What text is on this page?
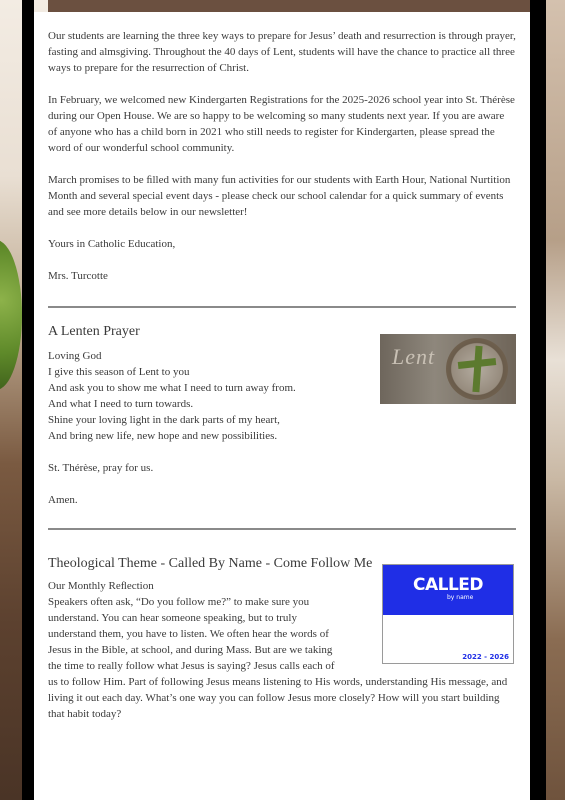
Our students are learning the three key ways to prepare for Jesus’ death and resurrection is through prayer, fasting and almsgiving. Throughout the 40 days of Lent, students will have the chance to practice all three ways to prepare for the resurrection of Christ.

In February, we welcomed new Kindergarten Registrations for the 2025-2026 school year into St. Thérèse during our Open House. We are so happy to be welcoming so many students next year. If you are aware of anyone who has a child born in 2021 who still needs to register for Kindergarten, please spread the word of our wonderful school community.

March promises to be ﬁlled with many fun activities for our students with Earth Hour, National Nurtition Month and several special event days - please check our school calendar for a quick summary of events and see more details below in our newsletter!

Yours in Catholic Education,

Mrs. Turcotte

A Lenten Prayer
Lent
Loving God
I give this season of Lent to you
And ask you to show me what I need to turn away from.
And what I need to turn towards.
Shine your loving light in the dark parts of my heart,
And bring new life, new hope and new possibilities.
St. Thérèse, pray for us.
Amen.
Theological Theme - Called By Name - Come Follow Me
CALLED
by name
2022 - 2026
Our Monthly Reﬂection
Speakers often ask, “Do you follow me?” to make sure you
understand. You can hear someone speaking, but to truly
understand them, you have to listen. We often hear the words of
Jesus in the Bible, at school, and during Mass. But are we taking
the time to really follow what Jesus is saying? Jesus calls each of
us to follow Him. Part of following Jesus means listening to His words, understanding His message, and living it out each day. What’s one way you can follow Jesus more closely? How will you start building that habit today?
